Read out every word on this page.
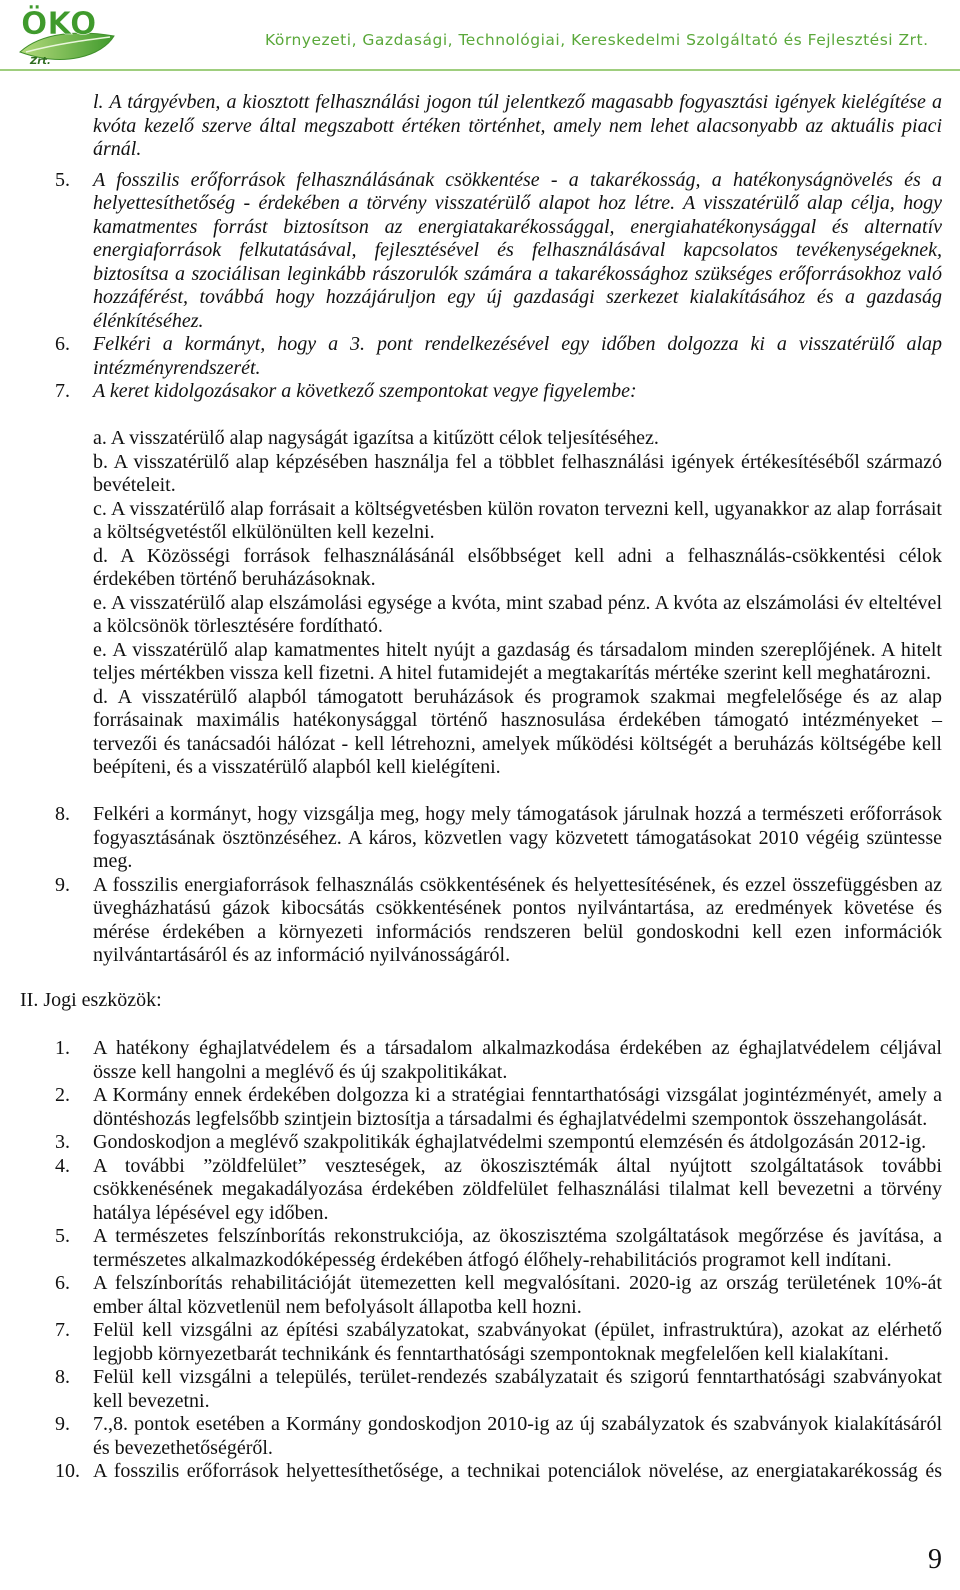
ÖKO
Zrt.
Környezeti, Gazdasági, Technológiai, Kereskedelmi Szolgáltató és Fejlesztési Zrt.

l. A tárgyévben, a kiosztott felhasználási jogon túl jelentkező magasabb fogyasztási igények kielégítése a kvóta kezelő szerve által megszabott értéken történhet, amely nem lehet alacsonyabb az aktuális piaci árnál.

5.	A fosszilis erőforrások felhasználásának csökkentése - a takarékosság, a hatékonyságnövelés és a helyettesíthetőség - érdekében a törvény visszatérülő alapot hoz létre. A visszatérülő alap célja, hogy kamatmentes forrást biztosítson az energiatakarékossággal, energiahatékonysággal és alternatív energiaforrások felkutatásával, fejlesztésével és felhasználásával kapcsolatos tevékenységeknek, biztosítsa a szociálisan leginkább rászorulók számára a takarékossághoz szükséges erőforrásokhoz való hozzáférést, továbbá hogy hozzájáruljon egy új gazdasági szerkezet kialakításához és a gazdaság élénkítéséhez.

6.	Felkéri a kormányt, hogy a 3. pont rendelkezésével egy időben dolgozza ki a visszatérülő alap intézményrendszerét.

7.	A keret kidolgozásakor a következő szempontokat vegye figyelembe:

a. A visszatérülő alap nagyságát igazítsa a kitűzött célok teljesítéséhez.

b. A visszatérülő alap képzésében használja fel a többlet felhasználási igények értékesítéséből származó bevételeit.

c. A visszatérülő alap forrásait a költségvetésben külön rovaton tervezni kell, ugyanakkor az alap forrásait a költségvetéstől elkülönülten kell kezelni.

d. A Közösségi források felhasználásánál elsőbbséget kell adni a felhasználás-csökkentési célok érdekében történő beruházásoknak.

e. A visszatérülő alap elszámolási egysége a kvóta, mint szabad pénz. A kvóta az elszámolási év elteltével a kölcsönök törlesztésére fordítható.

e. A visszatérülő alap kamatmentes hitelt nyújt a gazdaság és társadalom minden szereplőjének. A hitelt teljes mértékben vissza kell fizetni. A hitel futamidejét a megtakarítás mértéke szerint kell meghatározni.

d. A visszatérülő alapból támogatott beruházások és programok szakmai megfelelősége és az alap forrásainak maximális hatékonysággal történő hasznosulása érdekében támogató intézményeket – tervezői és tanácsadói hálózat - kell létrehozni, amelyek működési költségét a beruházás költségébe kell beépíteni, és a visszatérülő alapból kell kielégíteni.

8.	Felkéri a kormányt, hogy vizsgálja meg, hogy mely támogatások járulnak hozzá a természeti erőforrások fogyasztásának ösztönzéséhez. A káros, közvetlen vagy közvetett támogatásokat 2010 végéig szüntesse meg.

9.	A fosszilis energiaforrások felhasználás csökkentésének és helyettesítésének, és ezzel összefüggésben az üvegházhatású gázok kibocsátás csökkentésének pontos nyilvántartása, az eredmények követése és mérése érdekében a környezeti információs rendszeren belül gondoskodni kell ezen információk nyilvántartásáról és az információ nyilvánosságáról.

II. Jogi eszközök:
1.	A hatékony éghajlatvédelem és a társadalom alkalmazkodása érdekében az éghajlatvédelem céljával össze kell hangolni a meglévő és új szakpolitikákat.

2.	A Kormány ennek érdekében dolgozza ki a stratégiai fenntarthatósági vizsgálat jogintézményét, amely a döntéshozás legfelsőbb szintjein biztosítja a társadalmi és éghajlatvédelmi szempontok összehangolását.

3.	Gondoskodjon a meglévő szakpolitikák éghajlatvédelmi szempontú elemzésén és átdolgozásán 2012-ig.

4.	A további ”zöldfelület” veszteségek, az ökoszisztémák által nyújtott szolgáltatások további csökkenésének megakadályozása érdekében zöldfelület felhasználási tilalmat kell bevezetni a törvény hatálya lépésével egy időben.

5.	A természetes felszínborítás rekonstrukciója, az ökoszisztéma szolgáltatások megőrzése és javítása, a természetes alkalmazkodóképesség érdekében átfogó élőhely-rehabilitációs programot kell indítani.

6.	A felszínborítás rehabilitációját ütemezetten kell megvalósítani. 2020-ig az ország területének 10%-át ember által közvetlenül nem befolyásolt állapotba kell hozni.

7.	Felül kell vizsgálni az építési szabályzatokat, szabványokat (épület, infrastruktúra), azokat az elérhető legjobb környezetbarát technikánk és fenntarthatósági szempontoknak megfelelően kell kialakítani.

8.	Felül kell vizsgálni a település, terület-rendezés szabályzatait és szigorú fenntarthatósági szabványokat kell bevezetni.

9.	7.,8. pontok esetében a Kormány gondoskodjon 2010-ig az új szabályzatok és szabványok kialakításáról és bevezethetőségéről.

10. A fosszilis erőforrások helyettesíthetősége, a technikai potenciálok növelése, az energiatakarékosság és

9
